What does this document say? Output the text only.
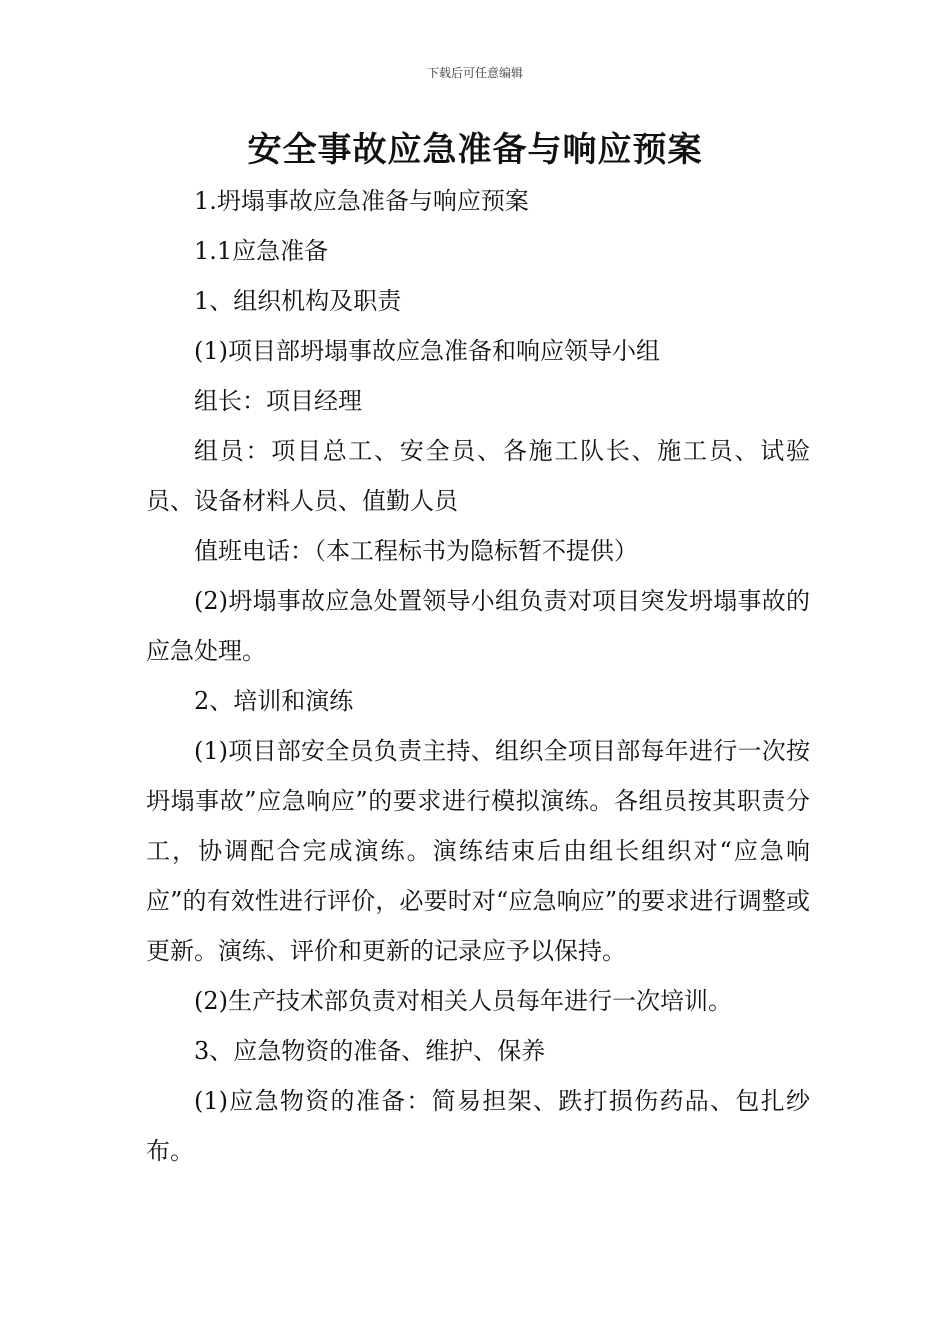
下载后可任意编辑
安全事故应急准备与响应预案

1.坍塌事故应急准备与响应预案

1.1应急准备

1、组织机构及职责

(1)项目部坍塌事故应急准备和响应领导小组

组长：项目经理

组员：项目总工、安全员、各施工队长、施工员、试验员、设备材料人员、值勤人员

值班电话：（本工程标书为隐标暂不提供）

(2)坍塌事故应急处置领导小组负责对项目突发坍塌事故的应急处理。

2、培训和演练

(1)项目部安全员负责主持、组织全项目部每年进行一次按坍塌事故”应急响应”的要求进行模拟演练。各组员按其职责分工，协调配合完成演练。演练结束后由组长组织对“应急响应”的有效性进行评价，必要时对“应急响应”的要求进行调整或更新。演练、评价和更新的记录应予以保持。

(2)生产技术部负责对相关人员每年进行一次培训。

3、应急物资的准备、维护、保养

(1)应急物资的准备：简易担架、跌打损伤药品、包扎纱布。
